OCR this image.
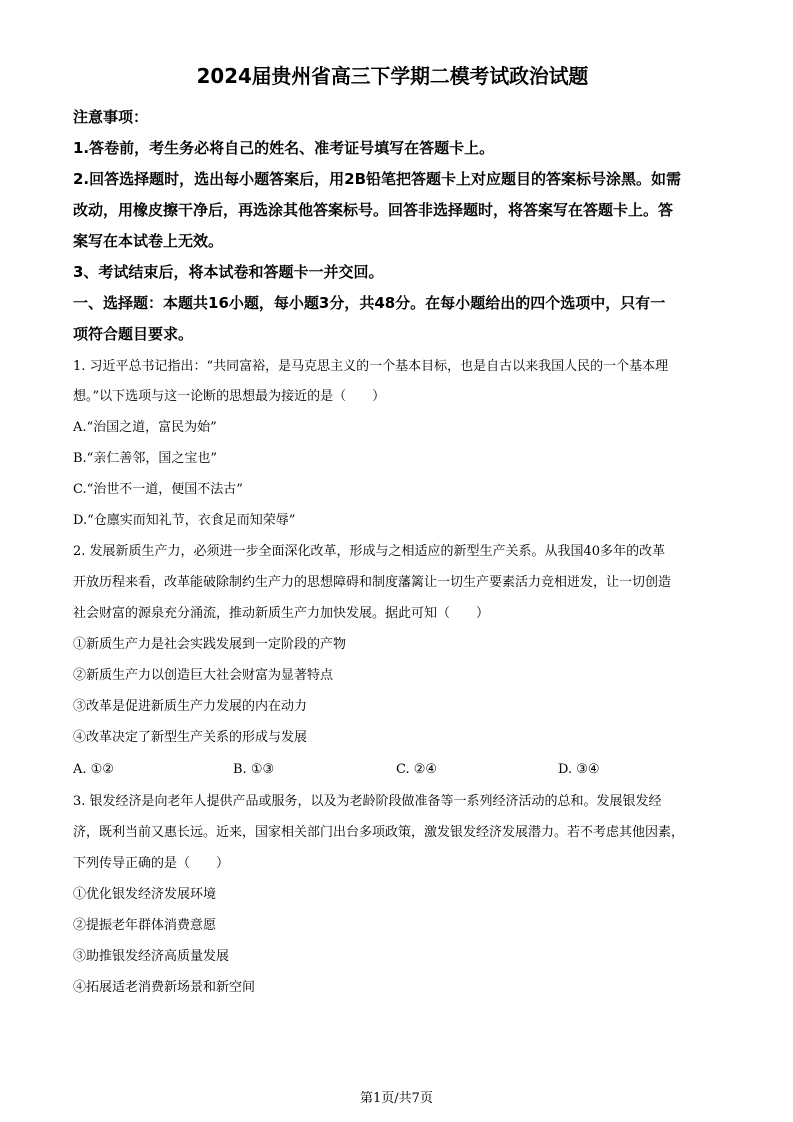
2024届贵州省高三下学期二模考试政治试题
注意事项：
1.答卷前，考生务必将自己的姓名、准考证号填写在答题卡上。
2.回答选择题时，选出每小题答案后，用2B铅笔把答题卡上对应题目的答案标号涂黑。如需
改动，用橡皮擦干净后，再选涂其他答案标号。回答非选择题时，将答案写在答题卡上。答
案写在本试卷上无效。
3、考试结束后，将本试卷和答题卡一并交回。
一、选择题：本题共16小题，每小题3分，共48分。在每小题给出的四个选项中，只有一
项符合题目要求。
1. 习近平总书记指出：“共同富裕，是马克思主义的一个基本目标，也是自古以来我国人民的一个基本理
想。”以下选项与这一论断的思想最为接近的是（　　）
A.“治国之道，富民为始”
B.“亲仁善邻，国之宝也”
C.“治世不一道，便国不法古”
D.“仓廪实而知礼节，衣食足而知荣辱”
2. 发展新质生产力，必须进一步全面深化改革，形成与之相适应的新型生产关系。从我国40多年的改革
开放历程来看，改革能破除制约生产力的思想障碍和制度藩篱让一切生产要素活力竞相迸发，让一切创造
社会财富的源泉充分涌流，推动新质生产力加快发展。据此可知（　　）
①新质生产力是社会实践发展到一定阶段的产物
②新质生产力以创造巨大社会财富为显著特点
③改革是促进新质生产力发展的内在动力
④改革决定了新型生产关系的形成与发展
A. ①②	B. ①③	C. ②④	D. ③④
3. 银发经济是向老年人提供产品或服务，以及为老龄阶段做准备等一系列经济活动的总和。发展银发经
济，既利当前又惠长远。近来，国家相关部门出台多项政策，激发银发经济发展潜力。若不考虑其他因素，
下列传导正确的是（　　）
①优化银发经济发展环境
②提振老年群体消费意愿
③助推银发经济高质量发展
④拓展适老消费新场景和新空间
第1页/共7页
